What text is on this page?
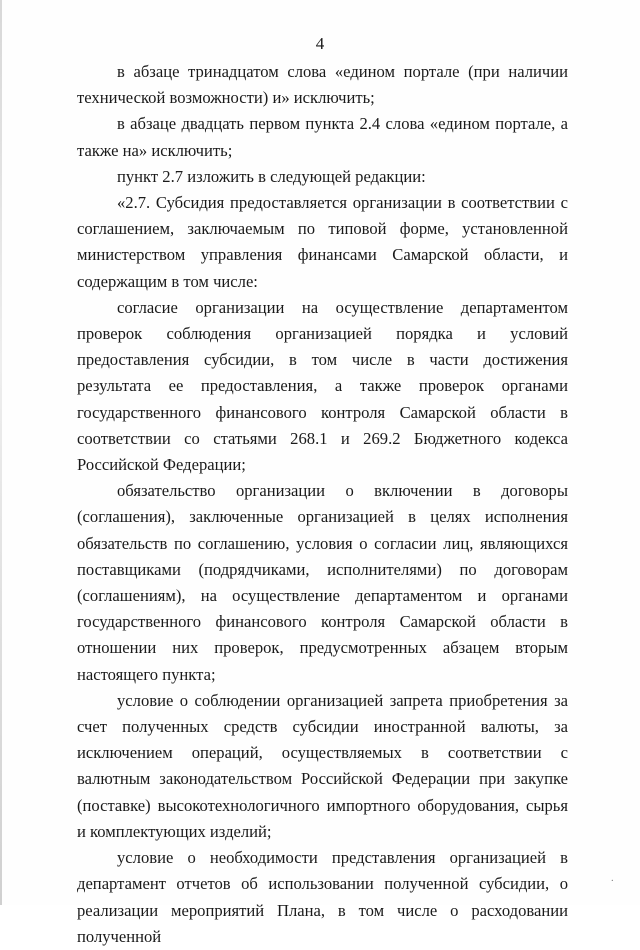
4

в абзаце тринадцатом слова «едином портале (при наличии технической возможности) и» исключить;

в абзаце двадцать первом пункта 2.4 слова «едином портале, а также на» исключить;

пункт 2.7 изложить в следующей редакции:

«2.7. Субсидия предоставляется организации в соответствии с соглашением, заключаемым по типовой форме, установленной министерством управления финансами Самарской области, и содержащим в том числе:

согласие организации на осуществление департаментом проверок соблюдения организацией порядка и условий предоставления субсидии, в том числе в части достижения результата ее предоставления, а также проверок органами государственного финансового контроля Самарской области в соответствии со статьями 268.1 и 269.2 Бюджетного кодекса Российской Федерации;

обязательство организации о включении в договоры (соглашения), заключенные организацией в целях исполнения обязательств по соглашению, условия о согласии лиц, являющихся поставщиками (подрядчиками, исполнителями) по договорам (соглашениям), на осуществление департаментом и органами государственного финансового контроля Самарской области в отношении них проверок, предусмотренных абзацем вторым настоящего пункта;

условие о соблюдении организацией запрета приобретения за счет полученных средств субсидии иностранной валюты, за исключением операций, осуществляемых в соответствии с валютным законодательством Российской Федерации при закупке (поставке) высокотехнологичного импортного оборудования, сырья и комплектующих изделий;

условие о необходимости представления организацией в департамент отчетов об использовании полученной субсидии, о реализации мероприятий Плана, в том числе о расходовании полученной

·
